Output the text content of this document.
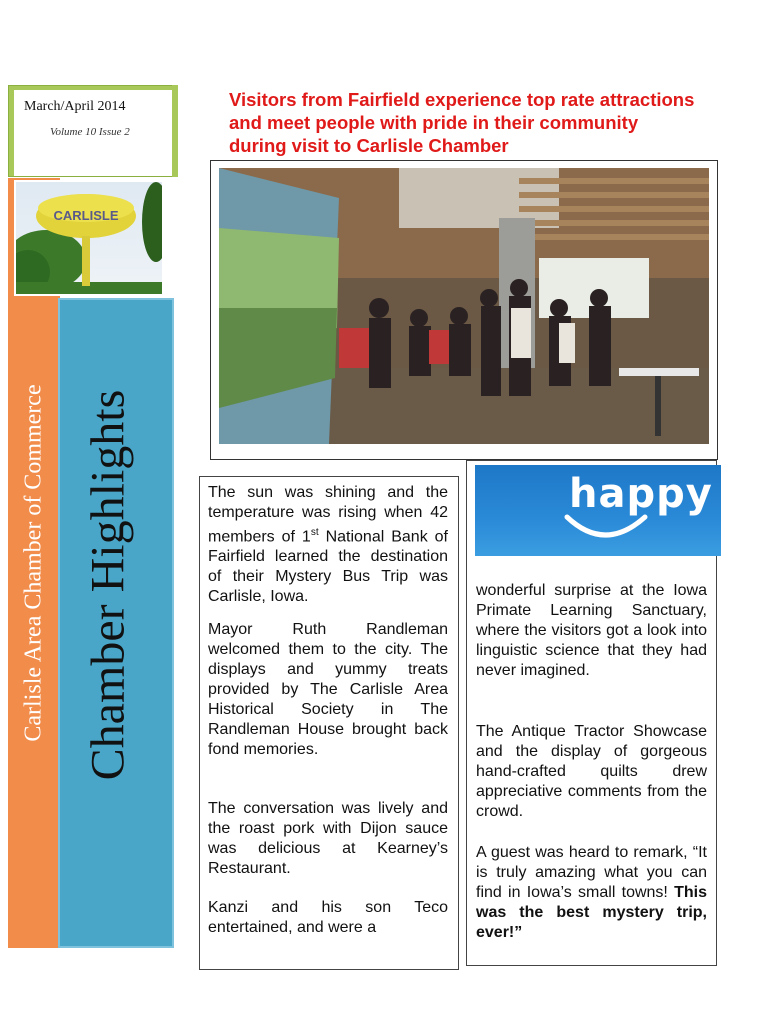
March/April 2014
Volume 10 Issue 2
CARLISLE
Carlisle Area Chamber of Commerce Chamber Highlights
Visitors from Fairfield experience top rate attractions and meet people with pride in their community during visit to Carlisle Chamber
The sun was shining and the temperature was rising when 42 members of 1st National Bank of Fairfield learned the destination of their Mystery Bus Trip was Carlisle, Iowa.
Mayor Ruth Randleman welcomed them to the city. The displays and yummy treats provided by The Carlisle Area Historical Society in The Randleman House brought back fond memories.
The conversation was lively and the roast pork with Dijon sauce was delicious at Kearney’s Restaurant.
Kanzi and his son Teco entertained, and were a
happy
wonderful surprise at the Iowa Primate Learning Sanctuary, where the visitors got a look into linguistic science that they had never imagined.
The Antique Tractor Showcase and the display of gorgeous hand-crafted quilts drew appreciative comments from the crowd.
A guest was heard to remark, “It is truly amazing what you can find in Iowa’s small towns! This was the best mystery trip, ever!”
